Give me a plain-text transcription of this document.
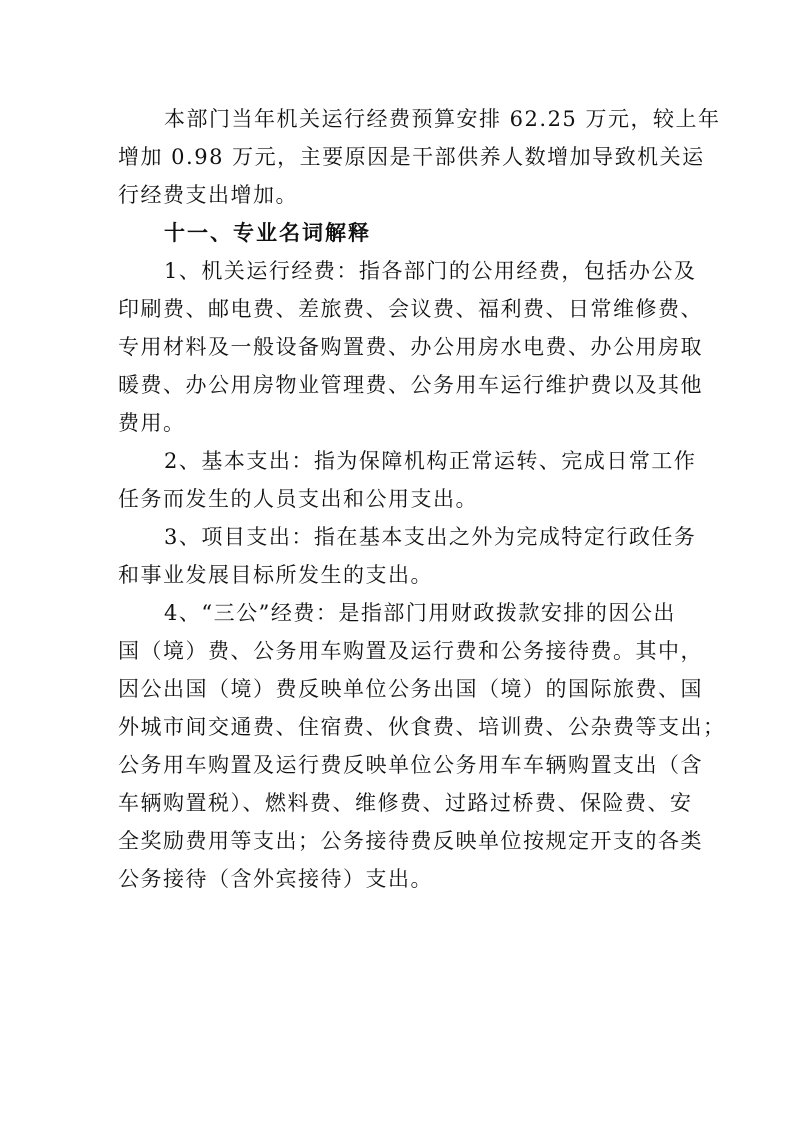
本部门当年机关运行经费预算安排 62.25 万元，较上年
增加 0.98 万元，主要原因是干部供养人数增加导致机关运
行经费支出增加。
十一、专业名词解释
1、机关运行经费：指各部门的公用经费，包括办公及
印刷费、邮电费、差旅费、会议费、福利费、日常维修费、
专用材料及一般设备购置费、办公用房水电费、办公用房取
暖费、办公用房物业管理费、公务用车运行维护费以及其他
费用。
2、基本支出：指为保障机构正常运转、完成日常工作
任务而发生的人员支出和公用支出。
3、项目支出：指在基本支出之外为完成特定行政任务
和事业发展目标所发生的支出。
4、“三公”经费：是指部门用财政拨款安排的因公出
国（境）费、公务用车购置及运行费和公务接待费。其中，
因公出国（境）费反映单位公务出国（境）的国际旅费、国
外城市间交通费、住宿费、伙食费、培训费、公杂费等支出；
公务用车购置及运行费反映单位公务用车车辆购置支出（含
车辆购置税）、燃料费、维修费、过路过桥费、保险费、安
全奖励费用等支出；公务接待费反映单位按规定开支的各类
公务接待（含外宾接待）支出。
